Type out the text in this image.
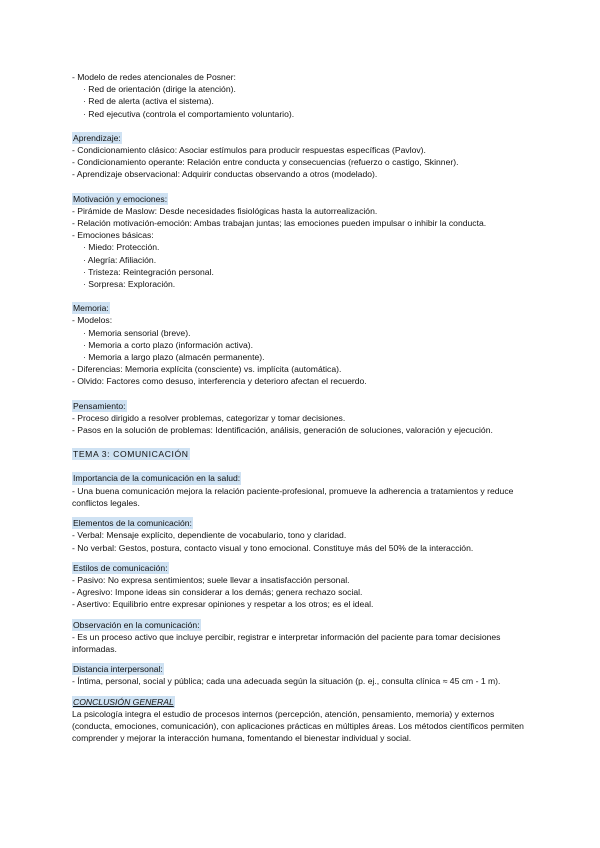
- Modelo de redes atencionales de Posner:
· Red de orientación (dirige la atención).
· Red de alerta (activa el sistema).
· Red ejecutiva (controla el comportamiento voluntario).
Aprendizaje:
- Condicionamiento clásico: Asociar estímulos para producir respuestas específicas (Pavlov).
- Condicionamiento operante: Relación entre conducta y consecuencias (refuerzo o castigo, Skinner).
- Aprendizaje observacional: Adquirir conductas observando a otros (modelado).
Motivación y emociones:
- Pirámide de Maslow: Desde necesidades fisiológicas hasta la autorrealización.
- Relación motivación-emoción: Ambas trabajan juntas; las emociones pueden impulsar o inhibir la conducta.
- Emociones básicas:
· Miedo: Protección.
· Alegría: Afiliación.
· Tristeza: Reintegración personal.
· Sorpresa: Exploración.
Memoria:
- Modelos:
· Memoria sensorial (breve).
· Memoria a corto plazo (información activa).
· Memoria a largo plazo (almacén permanente).
- Diferencias: Memoria explícita (consciente) vs. implícita (automática).
- Olvido: Factores como desuso, interferencia y deterioro afectan el recuerdo.
Pensamiento:
- Proceso dirigido a resolver problemas, categorizar y tomar decisiones.
- Pasos en la solución de problemas: Identificación, análisis, generación de soluciones, valoración y ejecución.
TEMA 3: COMUNICACIÓN
Importancia de la comunicación en la salud:
- Una buena comunicación mejora la relación paciente-profesional, promueve la adherencia a tratamientos y reduce conflictos legales.
Elementos de la comunicación:
- Verbal: Mensaje explícito, dependiente de vocabulario, tono y claridad.
- No verbal: Gestos, postura, contacto visual y tono emocional. Constituye más del 50% de la interacción.
Estilos de comunicación:
- Pasivo: No expresa sentimientos; suele llevar a insatisfacción personal.
- Agresivo: Impone ideas sin considerar a los demás; genera rechazo social.
- Asertivo: Equilibrio entre expresar opiniones y respetar a los otros; es el ideal.
Observación en la comunicación:
- Es un proceso activo que incluye percibir, registrar e interpretar información del paciente para tomar decisiones informadas.
Distancia interpersonal:
- Íntima, personal, social y pública; cada una adecuada según la situación (p. ej., consulta clínica ≈ 45 cm - 1 m).
CONCLUSIÓN GENERAL
La psicología integra el estudio de procesos internos (percepción, atención, pensamiento, memoria) y externos (conducta, emociones, comunicación), con aplicaciones prácticas en múltiples áreas. Los métodos científicos permiten comprender y mejorar la interacción humana, fomentando el bienestar individual y social.
